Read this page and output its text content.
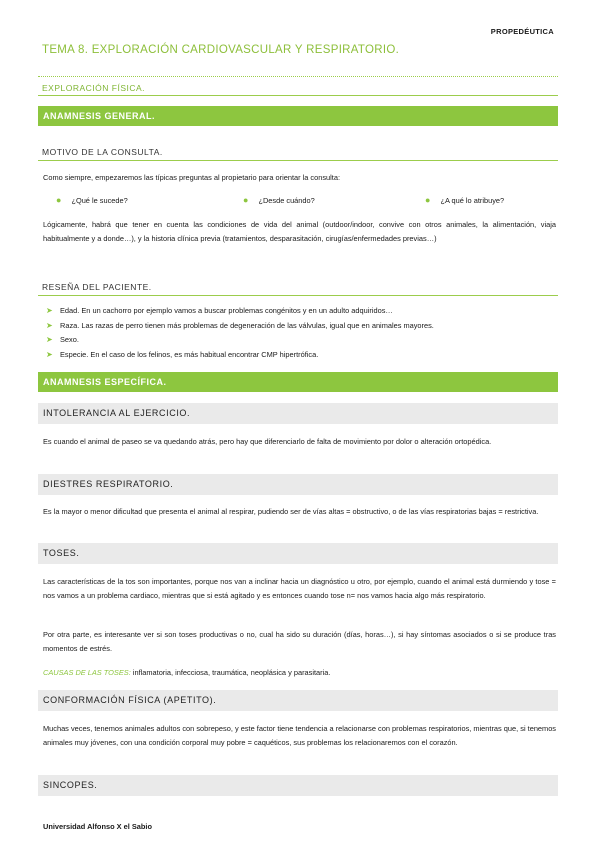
PROPEDÉUTICA
TEMA 8. EXPLORACIÓN CARDIOVASCULAR Y RESPIRATORIO.
EXPLORACIÓN FÍSICA.
ANAMNESIS GENERAL.
MOTIVO DE LA CONSULTA.
Como siempre, empezaremos las típicas preguntas al propietario para orientar la consulta:
● ¿Qué le sucede?	● ¿Desde cuándo?	● ¿A qué lo atribuye?
Lógicamente, habrá que tener en cuenta las condiciones de vida del animal (outdoor/indoor, convive con otros animales, la alimentación, viaja habitualmente y a donde…), y la historia clínica previa (tratamientos, desparasitación, cirugías/enfermedades previas…)
RESEÑA DEL PACIENTE.
➤ Edad. En un cachorro por ejemplo vamos a buscar problemas congénitos y en un adulto adquiridos…
➤ Raza. Las razas de perro tienen más problemas de degeneración de las válvulas, igual que en animales mayores.
➤ Sexo.
➤ Especie. En el caso de los felinos, es más habitual encontrar CMP hipertrófica.
ANAMNESIS ESPECÍFICA.
INTOLERANCIA AL EJERCICIO.
Es cuando el animal de paseo se va quedando atrás, pero hay que diferenciarlo de falta de movimiento por dolor o alteración ortopédica.
DIESTRES RESPIRATORIO.
Es la mayor o menor dificultad que presenta el animal al respirar, pudiendo ser de vías altas = obstructivo, o de las vías respiratorias bajas = restrictiva.
TOSES.
Las características de la tos son importantes, porque nos van a inclinar hacia un diagnóstico u otro, por ejemplo, cuando el animal está durmiendo y tose = nos vamos a un problema cardiaco, mientras que si está agitado y es entonces cuando tose n= nos vamos hacia algo más respiratorio.
Por otra parte, es interesante ver si son toses productivas o no, cual ha sido su duración (días, horas…), si hay síntomas asociados o si se produce tras momentos de estrés.
CAUSAS DE LAS TOSES: inflamatoria, infecciosa, traumática, neoplásica y parasitaria.
CONFORMACIÓN FÍSICA (APETITO).
Muchas veces, tenemos animales adultos con sobrepeso, y este factor tiene tendencia a relacionarse con problemas respiratorios, mientras que, si tenemos animales muy jóvenes, con una condición corporal muy pobre = caquéticos, sus problemas los relacionaremos con el corazón.
SINCOPES.
Universidad Alfonso X el Sabio
